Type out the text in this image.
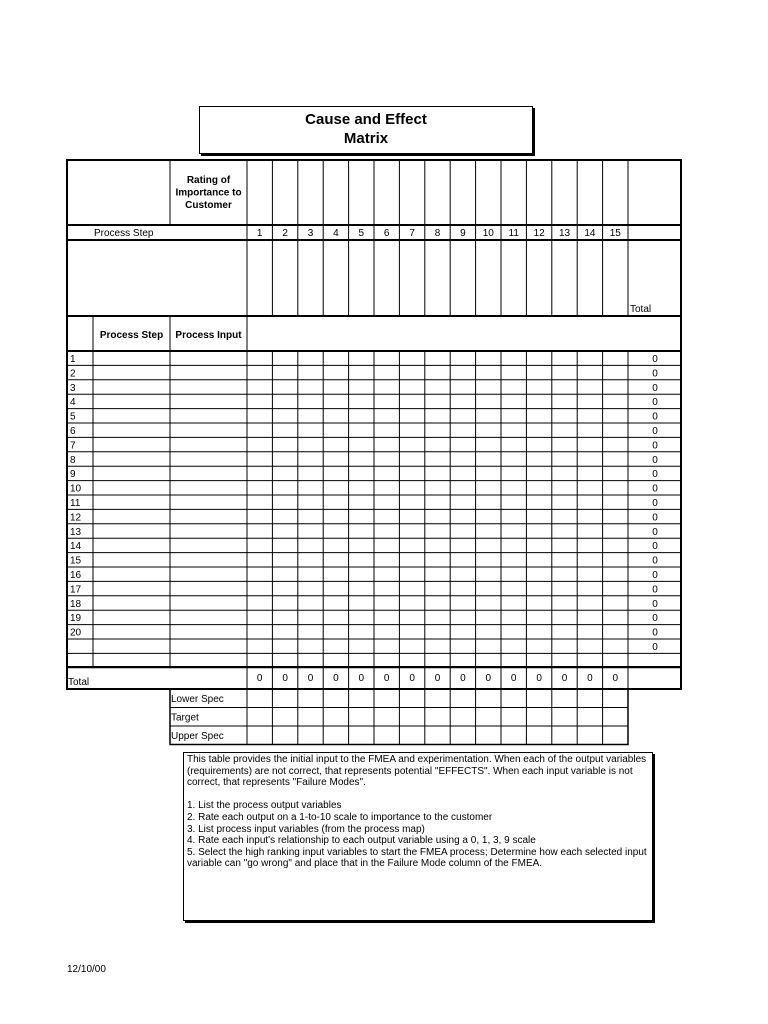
Cause and Effect
Matrix
Rating of
Importance to
Customer
Process Step	1 2 3 4 5 6 7 8 9 10 11 12 13 14 15
Total
Process Step Process Input
1	0
2	0
3	0
4	0
5	0
6	0
7	0
8	0
9	0
10	0
11	0
12	0
13	0
14	0
15	0
16	0
17	0
18	0
19	0
20	0
0
Total	0 0 0 0 0 0 0 0 0 0 0 0 0 0 0
Lower Spec
Target
Upper Spec

This table provides the initial input to the FMEA and experimentation. When each of the output variables (requirements) are not correct, that represents potential "EFFECTS". When each input variable is not correct, that represents "Failure Modes".

1. List the process output variables
2. Rate each output on a 1-to-10 scale to importance to the customer
3. List process input variables (from the process map)
4. Rate each input's relationship to each output variable using a 0, 1, 3, 9 scale
5. Select the high ranking input variables to start the FMEA process; Determine how each selected input variable can "go wrong" and place that in the Failure Mode column of the FMEA.
12/10/00
